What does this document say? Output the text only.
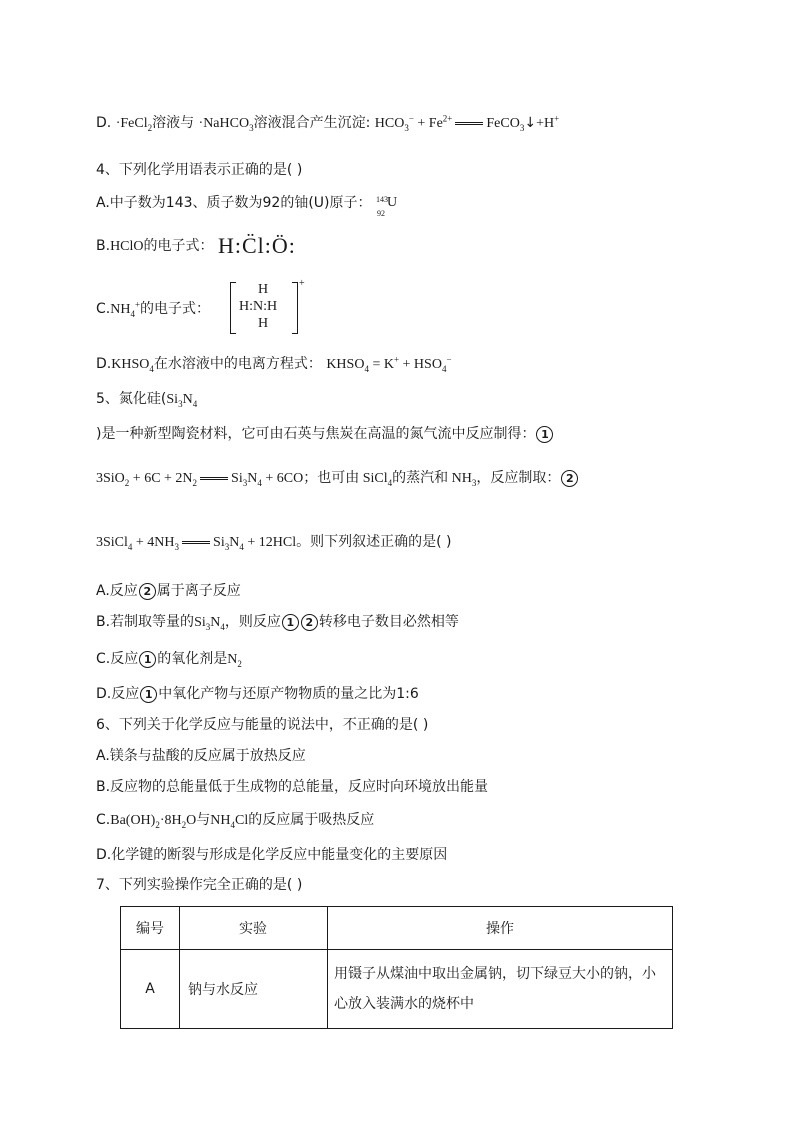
D. ·FeCl$_2$溶液与 ·NaHCO$_3$溶液混合产生沉淀: $HCO_3^- + Fe^{2+}$ FeCO$_3$↓+H+
4、下列化学用语表示正确的是( )
A.中子数为143、质子数为92的铀(U)原子： 143
92
U
B.HClO的电子式： H:C̈l:Ö:
$C.NH_4^+$的电子式：
H
H:N:H
H
+
$D.KHSO_4$在水溶液中的电离方程式： $KHSO_4 = K^+ + HSO_4^-$
5、氮化硅($Si_3N_4$
)是一种新型陶瓷材料，它可由石英与焦炭在高温的氮气流中反应制得： 1
$3SiO_2 + 6C + 2N_2$ $Si_3N_4 + 6CO$；也可由 SiCl$_4$的蒸汽和 $NH_3$，反应制取： 2
3SiCl$_4$ + $4NH_3$ $Si_3N_4 + 12HCl$。则下列叙述正确的是( )
A.反应 2 属于离子反应
B.若制取等量的$Si_3N_4$，则反应 1 2 转移电子数目必然相等
C.反应 1 的氧化剂是$N_2$
D.反应 1 中氧化产物与还原产物物质的量之比为1:6
6、下列关于化学反应与能量的说法中，不正确的是( )
A.镁条与盐酸的反应属于放热反应
B.反应物的总能量低于生成物的总能量，反应时向环境放出能量
$C.Ba(OH)_2\cdot 8H_2O$与$NH_4Cl$的反应属于吸热反应
D.化学键的断裂与形成是化学反应中能量变化的主要原因
7、下列实验操作完全正确的是( )
编号	实验	操作
A	钠与水反应	用镊子从煤油中取出金属钠，切下绿豆大小的钠，小心放入装满水的烧杯中
